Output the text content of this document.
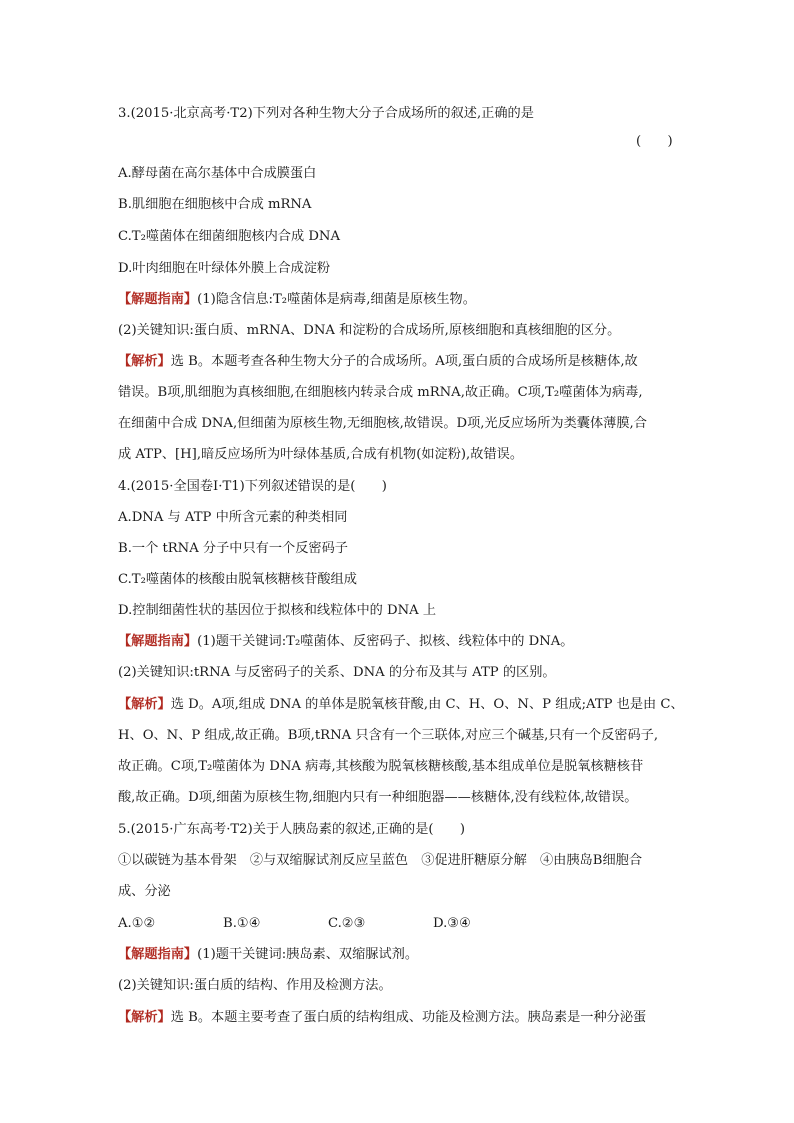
3.(2015·北京高考·T2)下列对各种生物大分子合成场所的叙述,正确的是
(　　)
A.酵母菌在高尔基体中合成膜蛋白
B.肌细胞在细胞核中合成 mRNA
C.T₂噬菌体在细菌细胞核内合成 DNA
D.叶肉细胞在叶绿体外膜上合成淀粉
【解题指南】(1)隐含信息:T₂噬菌体是病毒,细菌是原核生物。
(2)关键知识:蛋白质、mRNA、DNA 和淀粉的合成场所,原核细胞和真核细胞的区分。
【解析】选 B。本题考查各种生物大分子的合成场所。A项,蛋白质的合成场所是核糖体,故
错误。B项,肌细胞为真核细胞,在细胞核内转录合成 mRNA,故正确。C项,T₂噬菌体为病毒,
在细菌中合成 DNA,但细菌为原核生物,无细胞核,故错误。D项,光反应场所为类囊体薄膜,合
成 ATP、[H],暗反应场所为叶绿体基质,合成有机物(如淀粉),故错误。
4.(2015·全国卷Ⅰ·T1)下列叙述错误的是(　　)
A.DNA 与 ATP 中所含元素的种类相同
B.一个 tRNA 分子中只有一个反密码子
C.T₂噬菌体的核酸由脱氧核糖核苷酸组成
D.控制细菌性状的基因位于拟核和线粒体中的 DNA 上
【解题指南】(1)题干关键词:T₂噬菌体、反密码子、拟核、线粒体中的 DNA。
(2)关键知识:tRNA 与反密码子的关系、DNA 的分布及其与 ATP 的区别。
【解析】选 D。A项,组成 DNA 的单体是脱氧核苷酸,由 C、H、O、N、P 组成;ATP 也是由 C、
H、O、N、P 组成,故正确。B项,tRNA 只含有一个三联体,对应三个碱基,只有一个反密码子,
故正确。C项,T₂噬菌体为 DNA 病毒,其核酸为脱氧核糖核酸,基本组成单位是脱氧核糖核苷
酸,故正确。D项,细菌为原核生物,细胞内只有一种细胞器——核糖体,没有线粒体,故错误。
5.(2015·广东高考·T2)关于人胰岛素的叙述,正确的是(　　)
①以碳链为基本骨架　②与双缩脲试剂反应呈蓝色　③促进肝糖原分解　④由胰岛B细胞合
成、分泌
A.①②	B.①④	C.②③	D.③④
【解题指南】(1)题干关键词:胰岛素、双缩脲试剂。
(2)关键知识:蛋白质的结构、作用及检测方法。
【解析】选 B。本题主要考查了蛋白质的结构组成、功能及检测方法。胰岛素是一种分泌蛋
